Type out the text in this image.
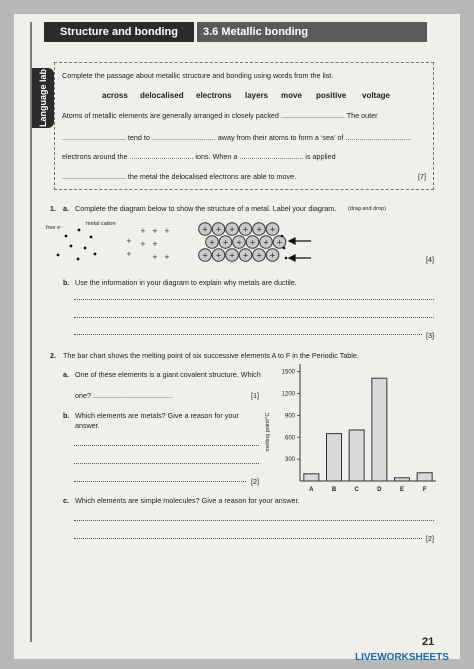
Structure and bonding	3.6 Metallic bonding
Language lab Complete the passage about metallic structure and bonding using words from the list.
across delocalised electrons layers move positive voltage
Atoms of metallic elements are generally arranged in closely packed ................................ The outer
................................ tend to ................................ away from their atoms to form a ‘sea’ of .................................
electrons around the ................................ ions. When a ................................ is applied
................................ the metal the delocalised electrons are able to move.	[7]
1. a. Complete the diagram below to show the structure of a metal. Label your diagram. (drag and drop)
metal cation
free e⁻	+ + +
+ + +
+	+ +
+ + + + + +
+ + + + + +
+ + + + + +	[4]
b. Use the information in your diagram to explain why metals are ductile.
[3]
2. The bar chart shows the melting point of six successive elements A to F in the Periodic Table.
a. One of these elements is a giant covalent structure. Which
one? ........................................	[1]
b. Which elements are metals? Give a reason for your
answer.
[2]
300
600
900
1200
1500
melting point/°C
A	B	C	D	E	F
c. Which elements are simple molecules? Give a reason for your answer.
[2]
21
LIVEWORKSHEETS
